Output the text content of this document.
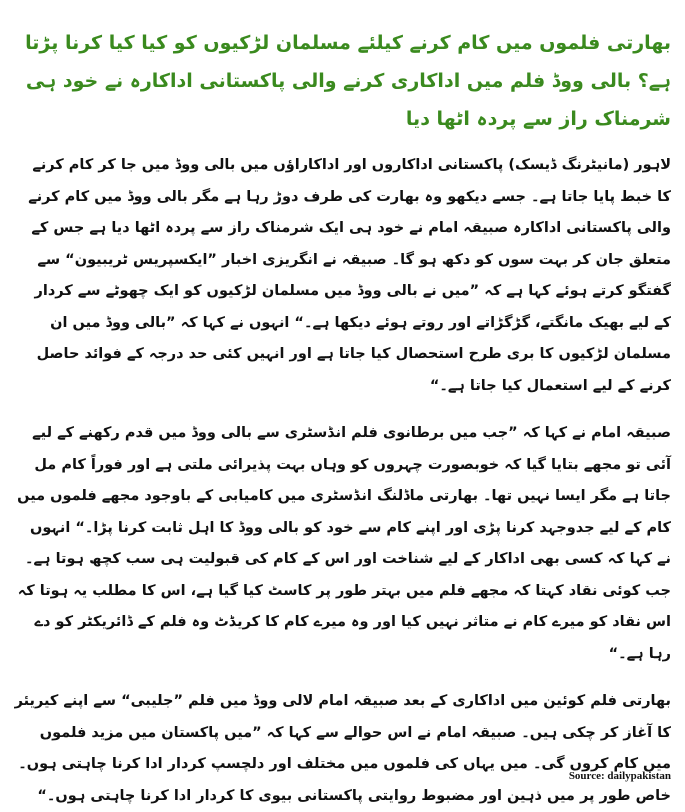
بھارتی فلموں میں کام کرنے کیلئے مسلمان لڑکیوں کو کیا کیا کرنا پڑتا ہے؟ بالی ووڈ فلم میں اداکاری کرنے والی پاکستانی اداکارہ نے خود ہی شرمناک راز سے پردہ اٹھا دیا

لاہور (مانیٹرنگ ڈیسک) پاکستانی اداکاروں اور اداکاراؤں میں بالی ووڈ میں جا کر کام کرنے کا خبط پایا جاتا ہے۔ جسے دیکھو وہ بھارت کی طرف دوڑ رہا ہے مگر بالی ووڈ میں کام کرنے والی پاکستانی اداکارہ صبیقہ امام نے خود ہی ایک شرمناک راز سے پردہ اٹھا دیا ہے جس کے متعلق جان کر بہت سوں کو دکھ ہو گا۔ صبیقہ نے انگریزی اخبار ”ایکسپریس ٹریبیون“ سے گفتگو کرتے ہوئے کہا ہے کہ ”میں نے بالی ووڈ میں مسلمان لڑکیوں کو ایک چھوٹے سے کردار کے لیے بھیک مانگتے، گڑگڑاتے اور روتے ہوئے دیکھا ہے۔“ انہوں نے کہا کہ ”بالی ووڈ میں ان مسلمان لڑکیوں کا بری طرح استحصال کیا جاتا ہے اور انہیں کئی حد درجہ کے فوائد حاصل کرنے کے لیے استعمال کیا جاتا ہے۔“

صبیقہ امام نے کہا کہ ”جب میں برطانوی فلم انڈسٹری سے بالی ووڈ میں قدم رکھنے کے لیے آئی تو مجھے بتایا گیا کہ خوبصورت چہروں کو وہاں بہت پذیرائی ملتی ہے اور فوراً کام مل جاتا ہے مگر ایسا نہیں تھا۔ بھارتی ماڈلنگ انڈسٹری میں کامیابی کے باوجود مجھے فلموں میں کام کے لیے جدوجہد کرنا پڑی اور اپنے کام سے خود کو بالی ووڈ کا اہل ثابت کرنا پڑا۔“ انہوں نے کہا کہ کسی بھی اداکار کے لیے شناخت اور اس کے کام کی قبولیت ہی سب کچھ ہوتا ہے۔ جب کوئی نقاد کہتا کہ مجھے فلم میں بہتر طور پر کاسٹ کیا گیا ہے، اس کا مطلب یہ ہوتا کہ اس نقاد کو میرے کام نے متاثر نہیں کیا اور وہ میرے کام کا کریڈٹ وہ فلم کے ڈائریکٹر کو دے رہا ہے۔“

بھارتی فلم کوئین میں اداکاری کے بعد صبیقہ امام لالی ووڈ میں فلم ”جلیبی“ سے اپنے کیریئر کا آغاز کر چکی ہیں۔ صبیقہ امام نے اس حوالے سے کہا کہ ”میں پاکستان میں مزید فلموں میں کام کروں گی۔ میں یہاں کی فلموں میں مختلف اور دلچسپ کردار ادا کرنا چاہتی ہوں۔ خاص طور پر میں ذہین اور مضبوط روایتی پاکستانی بیوی کا کردار ادا کرنا چاہتی ہوں۔“

Source: dailypakistan
